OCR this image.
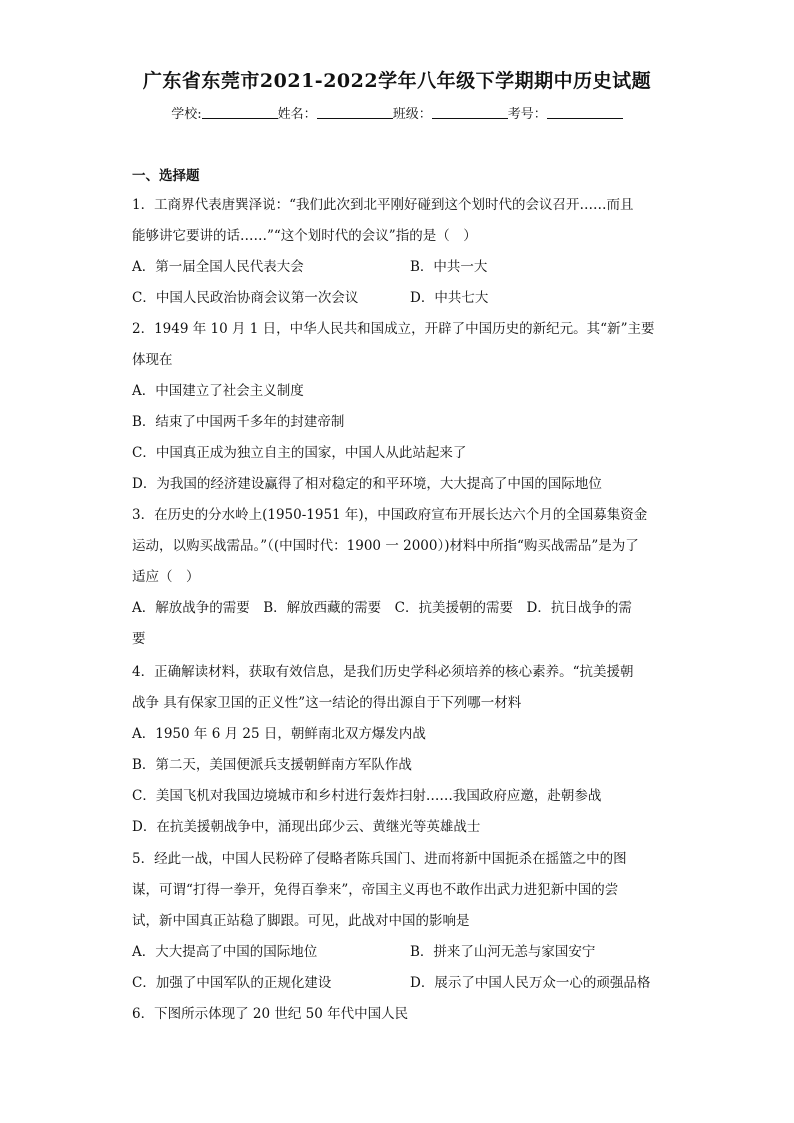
广东省东莞市2021-2022学年八年级下学期期中历史试题
学校:	姓名：	班级：	考号：
一、选择题
1．工商界代表唐巽泽说：“我们此次到北平刚好碰到这个划时代的会议召开……而且
能够讲它要讲的话……”“这个划时代的会议”指的是（　）
A．第一届全国人民代表大会	B．中共一大
C．中国人民政治协商会议第一次会议	D．中共七大
2．1949 年 10 月 1 日，中华人民共和国成立，开辟了中国历史的新纪元。其“新”主要
体现在
A．中国建立了社会主义制度
B．结束了中国两千多年的封建帝制
C．中国真正成为独立自主的国家，中国人从此站起来了
D．为我国的经济建设赢得了相对稳定的和平环境，大大提高了中国的国际地位
3．在历史的分水岭上(1950-1951 年)，中国政府宣布开展长达六个月的全国募集资金
运动，以购买战需品。”（(中国时代：1900 一 2000）)材料中所指“购买战需品”是为了
适应（　）
A．解放战争的需要　B．解放西藏的需要　C．抗美援朝的需要　D．抗日战争的需
要
4．正确解读材料，获取有效信息，是我们历史学科必须培养的核心素养。“抗美援朝
战争 具有保家卫国的正义性”这一结论的得出源自于下列哪一材料
A．1950 年 6 月 25 日，朝鲜南北双方爆发内战
B．第二天，美国便派兵支援朝鲜南方军队作战
C．美国飞机对我国边境城市和乡村进行轰炸扫射……我国政府应邀，赴朝参战
D．在抗美援朝战争中，涌现出邱少云、黄继光等英雄战士
5．经此一战，中国人民粉碎了侵略者陈兵国门、进而将新中国扼杀在摇篮之中的图
谋，可谓“打得一拳开，免得百拳来”，帝国主义再也不敢作出武力进犯新中国的尝
试，新中国真正站稳了脚跟。可见，此战对中国的影响是
A．大大提高了中国的国际地位	B．拼来了山河无恙与家国安宁
C．加强了中国军队的正规化建设	D．展示了中国人民万众一心的顽强品格
6．下图所示体现了 20 世纪 50 年代中国人民
